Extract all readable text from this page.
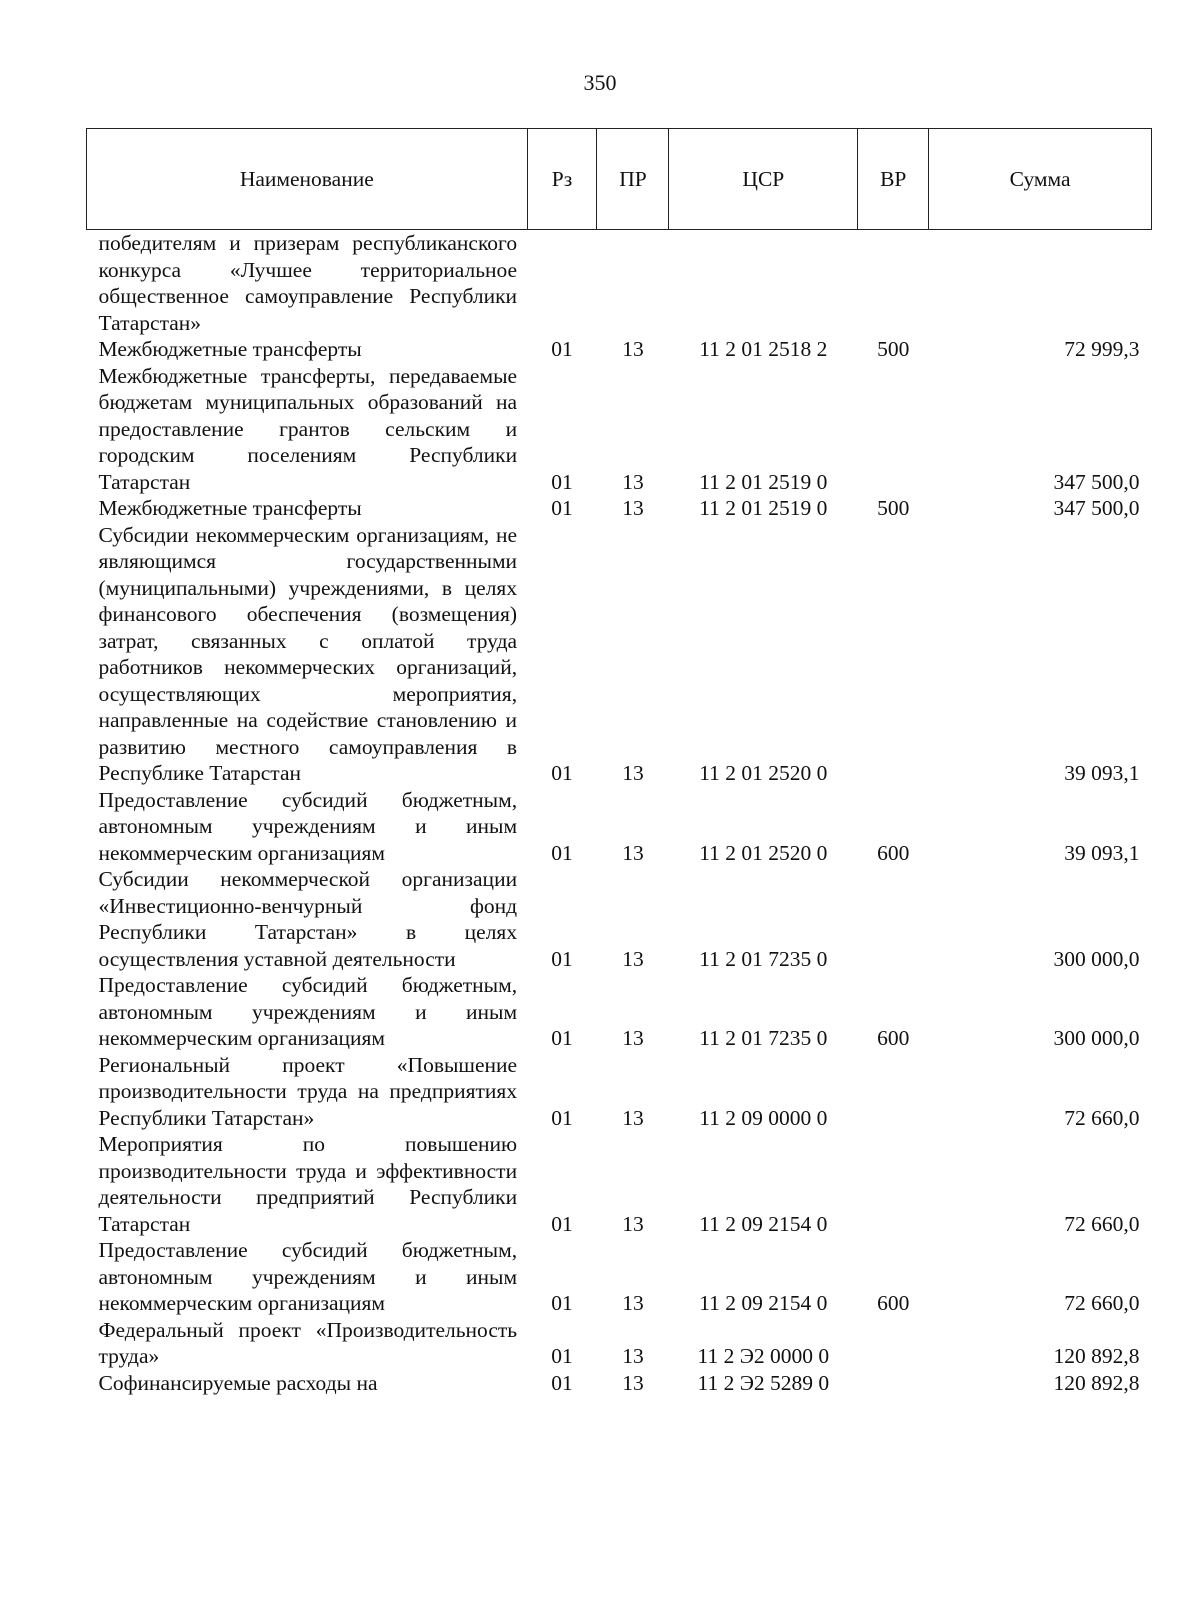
350
Наименование	Рз	ПР	ЦСР	ВР	Сумма
победителям и призерам республиканского конкурса «Лучшее территориальное общественное самоуправление Республики Татарстан»					
Межбюджетные трансферты	01	13	11 2 01 2518 2	500	72 999,3
Межбюджетные трансферты, передаваемые бюджетам муниципальных образований на предоставление грантов сельским и городским поселениям Республики Татарстан	01	13	11 2 01 2519 0		347 500,0
Межбюджетные трансферты	01	13	11 2 01 2519 0	500	347 500,0
Субсидии некоммерческим организациям, не являющимся государственными (муниципальными) учреждениями, в целях финансового обеспечения (возмещения) затрат, связанных с оплатой труда работников некоммерческих организаций, осуществляющих мероприятия, направленные на содействие становлению и развитию местного самоуправления в Республике Татарстан	01	13	11 2 01 2520 0		39 093,1
Предоставление субсидий бюджетным, автономным учреждениям и иным некоммерческим организациям	01	13	11 2 01 2520 0	600	39 093,1
Субсидии некоммерческой организации «Инвестиционно-венчурный фонд Республики Татарстан» в целях осуществления уставной деятельности	01	13	11 2 01 7235 0		300 000,0
Предоставление субсидий бюджетным, автономным учреждениям и иным некоммерческим организациям	01	13	11 2 01 7235 0	600	300 000,0
Региональный проект «Повышение производительности труда на предприятиях Республики Татарстан»	01	13	11 2 09 0000 0		72 660,0
Мероприятия по повышению производительности труда и эффективности деятельности предприятий Республики Татарстан	01	13	11 2 09 2154 0		72 660,0
Предоставление субсидий бюджетным, автономным учреждениям и иным некоммерческим организациям	01	13	11 2 09 2154 0	600	72 660,0
Федеральный проект «Производительность труда»	01	13	11 2 Э2 0000 0		120 892,8
Софинансируемые расходы на	01	13	11 2 Э2 5289 0		120 892,8
